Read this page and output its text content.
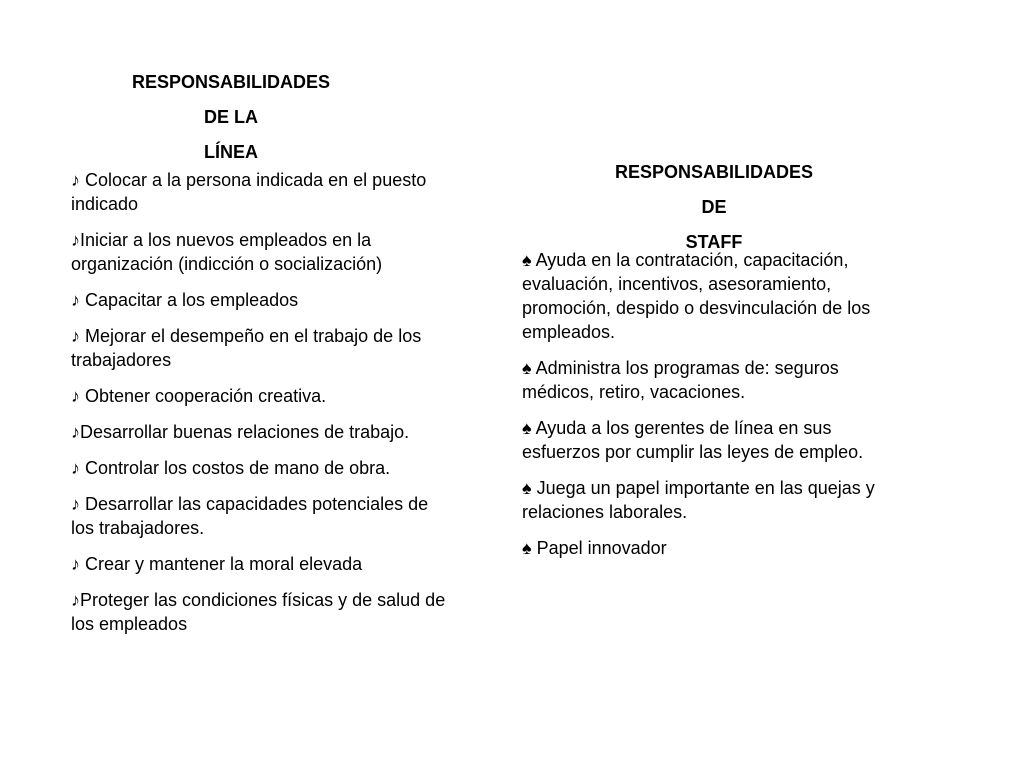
RESPONSABILIDADES
DE LA
LÍNEA
♪ Colocar a la persona indicada en el puesto indicado
♪Iniciar a los nuevos empleados en la organización (indicción o socialización)
♪ Capacitar a los empleados
♪ Mejorar el desempeño en el trabajo de los trabajadores
♪ Obtener cooperación creativa.
♪Desarrollar buenas relaciones de trabajo.
♪ Controlar los costos de mano de obra.
♪ Desarrollar las capacidades potenciales de los trabajadores.
♪ Crear y mantener la moral elevada
♪Proteger las condiciones físicas y de salud de los empleados
RESPONSABILIDADES
DE
STAFF
♠ Ayuda en la contratación, capacitación, evaluación, incentivos, asesoramiento, promoción, despido o desvinculación de los empleados.
♠ Administra los programas de: seguros médicos, retiro, vacaciones.
♠ Ayuda a los gerentes de línea en sus esfuerzos por cumplir las leyes de empleo.
♠ Juega un papel importante en las quejas y relaciones laborales.
♠ Papel innovador
